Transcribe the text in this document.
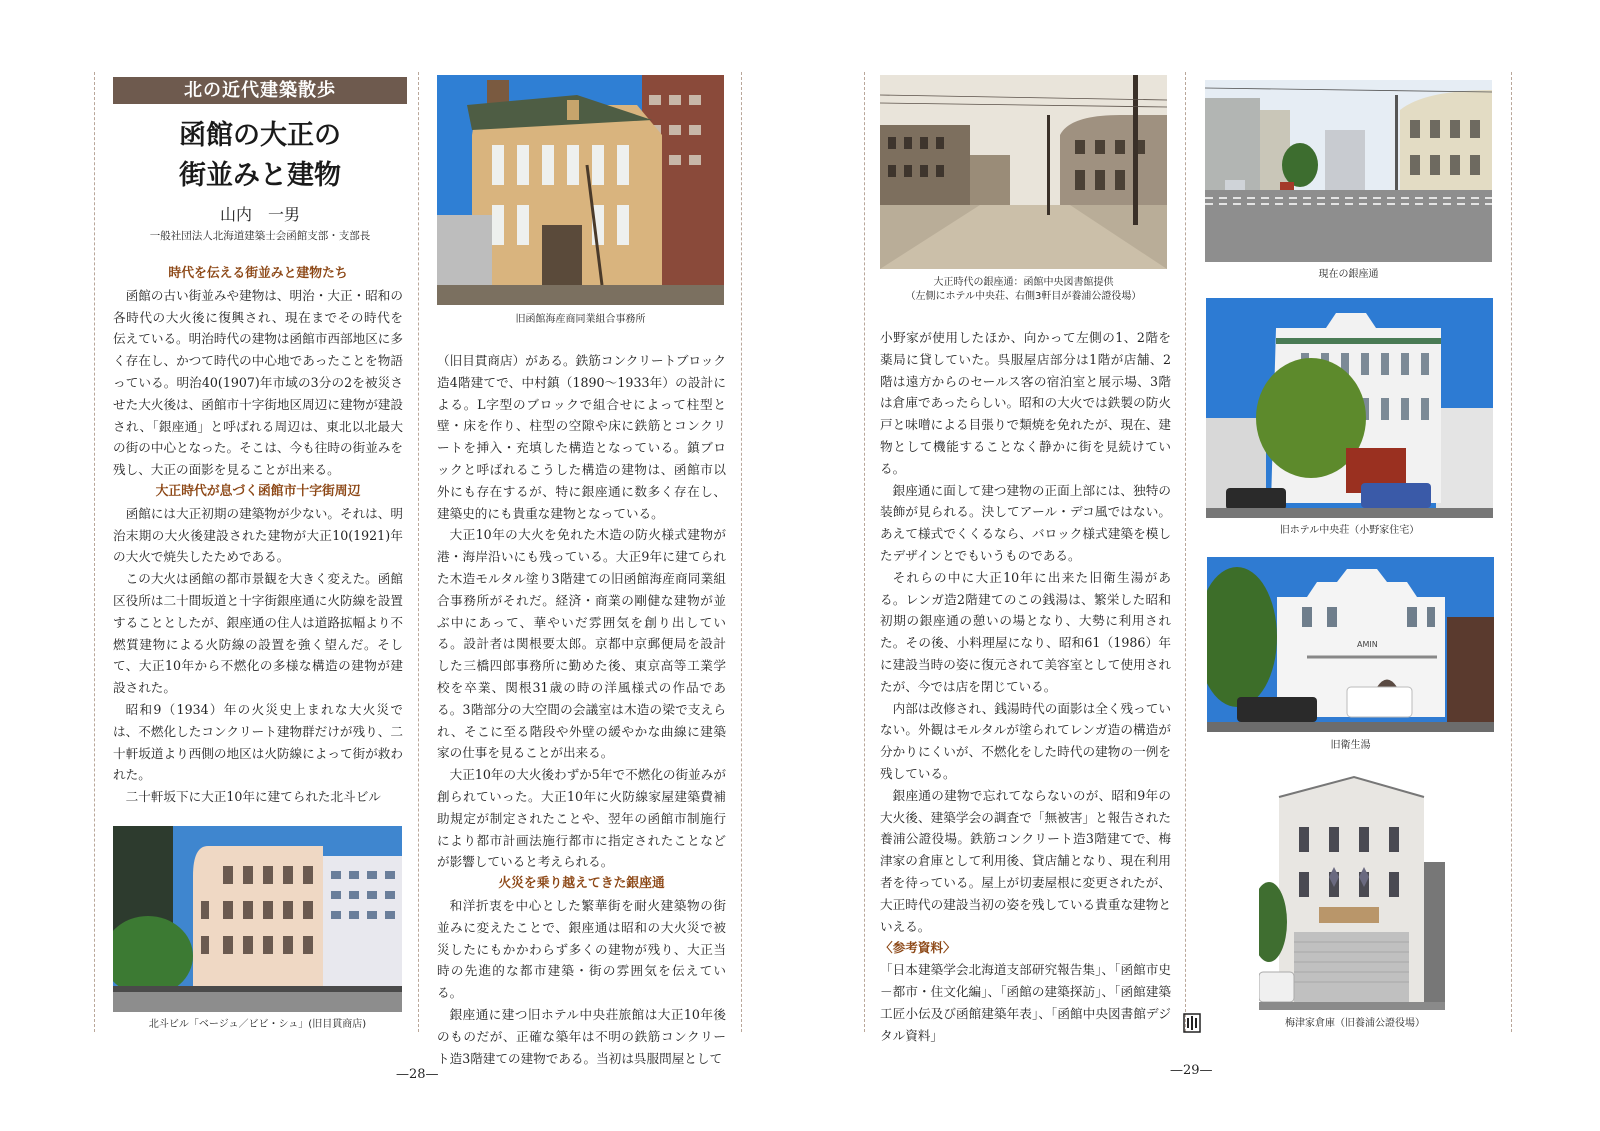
北の近代建築散歩
函館の大正の
街並みと建物
山内　一男
一般社団法人北海道建築士会函館支部・支部長
時代を伝える街並みと建物たち

函館の古い街並みや建物は、明治・大正・昭和の各時代の大火後に復興され、現在までその時代を伝えている。明治時代の建物は函館市西部地区に多く存在し、かつて時代の中心地であったことを物語っている。明治40(1907)年市域の3分の2を被災させた大火後は、函館市十字街地区周辺に建物が建設され、「銀座通」と呼ばれる周辺は、東北以北最大の街の中心となった。そこは、今も往時の街並みを残し、大正の面影を見ることが出来る。

大正時代が息づく函館市十字街周辺

函館には大正初期の建築物が少ない。それは、明治末期の大火後建設された建物が大正10(1921)年の大火で焼失したためである。

この大火は函館の都市景観を大きく変えた。函館区役所は二十間坂道と十字街銀座通に火防線を設置することとしたが、銀座通の住人は道路拡幅より不燃質建物による火防線の設置を強く望んだ。そして、大正10年から不燃化の多様な構造の建物が建設された。

昭和9（1934）年の火災史上まれな大火災では、不燃化したコンクリート建物群だけが残り、二十軒坂道より西側の地区は火防線によって街が救われた。

二十軒坂下に大正10年に建てられた北斗ビル

北斗ビル「ベージュ／ビビ・シュ」(旧目貫商店)
旧函館海産商同業組合事務所

（旧目貫商店）がある。鉄筋コンクリートブロック造4階建てで、中村鎮（1890～1933年）の設計による。L字型のブロックで組合せによって柱型と壁・床を作り、柱型の空隙や床に鉄筋とコンクリートを挿入・充填した構造となっている。鎮ブロックと呼ばれるこうした構造の建物は、函館市以外にも存在するが、特に銀座通に数多く存在し、建築史的にも貴重な建物となっている。

大正10年の大火を免れた木造の防火様式建物が港・海岸沿いにも残っている。大正9年に建てられた木造モルタル塗り3階建ての旧函館海産商同業組合事務所がそれだ。経済・商業の剛健な建物が並ぶ中にあって、華やいだ雰囲気を創り出している。設計者は関根要太郎。京都中京郵便局を設計した三橋四郎事務所に勤めた後、東京高等工業学校を卒業、関根31歳の時の洋風様式の作品である。3階部分の大空間の会議室は木造の梁で支えられ、そこに至る階段や外壁の緩やかな曲線に建築家の仕事を見ることが出来る。

大正10年の大火後わずか5年で不燃化の街並みが創られていった。大正10年に火防線家屋建築費補助規定が制定されたことや、翌年の函館市制施行により都市計画法施行都市に指定されたことなどが影響していると考えられる。

火災を乗り越えてきた銀座通

和洋折衷を中心とした繁華街を耐火建築物の街並みに変えたことで、銀座通は昭和の大火災で被災したにもかかわらず多くの建物が残り、大正当時の先進的な都市建築・街の雰囲気を伝えている。

銀座通に建つ旧ホテル中央荘旅館は大正10年後のものだが、正確な築年は不明の鉄筋コンクリート造3階建ての建物である。当初は呉服問屋として

—28—
大正時代の銀座通：函館中央図書館提供
（左側にホテル中央荘、右側3軒目が養浦公證役場）
現在の銀座通
旧ホテル中央荘（小野家住宅）
AMIN
旧衛生湯
梅津家倉庫（旧養浦公證役場）

小野家が使用したほか、向かって左側の1、2階を薬局に貸していた。呉服屋店部分は1階が店舗、2階は遠方からのセールス客の宿泊室と展示場、3階は倉庫であったらしい。昭和の大火では鉄製の防火戸と味噌による目張りで類焼を免れたが、現在、建物として機能することなく静かに街を見続けている。

銀座通に面して建つ建物の正面上部には、独特の装飾が見られる。決してアール・デコ風ではない。あえて様式でくくるなら、バロック様式建築を模したデザインとでもいうものである。

それらの中に大正10年に出来た旧衛生湯がある。レンガ造2階建てのこの銭湯は、繁栄した昭和初期の銀座通の憩いの場となり、大勢に利用された。その後、小料理屋になり、昭和61（1986）年に建設当時の姿に復元されて美容室として使用されたが、今では店を閉じている。

内部は改修され、銭湯時代の面影は全く残っていない。外観はモルタルが塗られてレンガ造の構造が分かりにくいが、不燃化をした時代の建物の一例を残している。

銀座通の建物で忘れてならないのが、昭和9年の大火後、建築学会の調査で「無被害」と報告された養浦公證役場。鉄筋コンクリート造3階建てで、梅津家の倉庫として利用後、貸店舗となり、現在利用者を待っている。屋上が切妻屋根に変更されたが、大正時代の建設当初の姿を残している貴重な建物といえる。

〈参考資料〉

「日本建築学会北海道支部研究報告集」、「函館市史－都市・住文化編」、「函館の建築探訪」、「函館建築工匠小伝及び函館建築年表」、「函館中央図書館デジタル資料」

—29—
